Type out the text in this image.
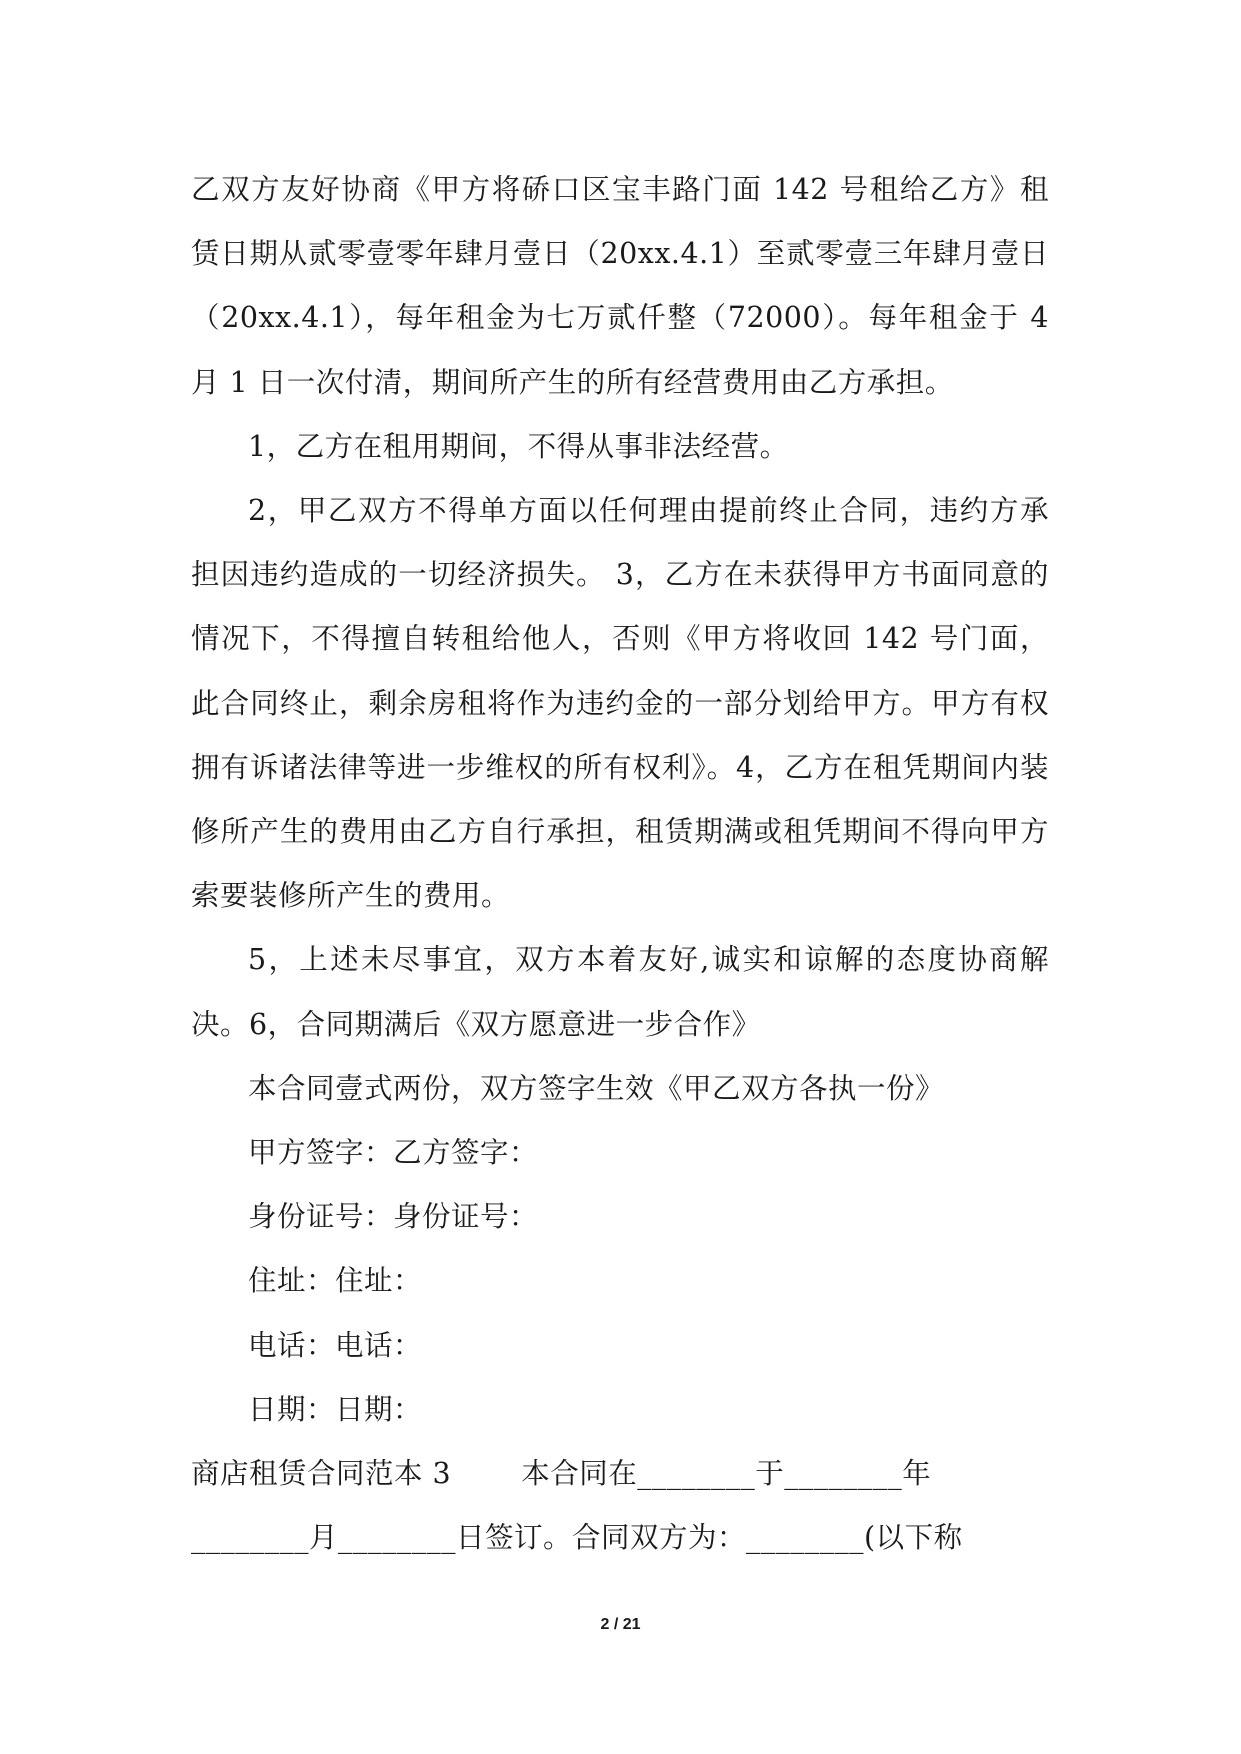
乙双方友好协商《甲方将硚口区宝丰路门面 142 号租给乙方》租赁日期从贰零壹零年肆月壹日（20xx.4.1）至贰零壹三年肆月壹日（20xx.4.1），每年租金为七万贰仟整（72000）。每年租金于 4 月 1 日一次付清，期间所产生的所有经营费用由乙方承担。

1，乙方在租用期间，不得从事非法经营。

2，甲乙双方不得单方面以任何理由提前终止合同，违约方承担因违约造成的一切经济损失。 3，乙方在未获得甲方书面同意的情况下，不得擅自转租给他人，否则《甲方将收回 142 号门面，此合同终止，剩余房租将作为违约金的一部分划给甲方。甲方有权拥有诉诸法律等进一步维权的所有权利》。4，乙方在租凭期间内装修所产生的费用由乙方自行承担，租赁期满或租凭期间不得向甲方索要装修所产生的费用。

5，上述未尽事宜，双方本着友好,诚实和谅解的态度协商解决。6，合同期满后《双方愿意进一步合作》

本合同壹式两份，双方签字生效《甲乙双方各执一份》

甲方签字：乙方签字：

身份证号：身份证号：

住址：住址：

电话：电话：

日期：日期：

商店租赁合同范本 3 本合同在________于________年

________月________日签订。合同双方为：________(以下称

2 / 21
